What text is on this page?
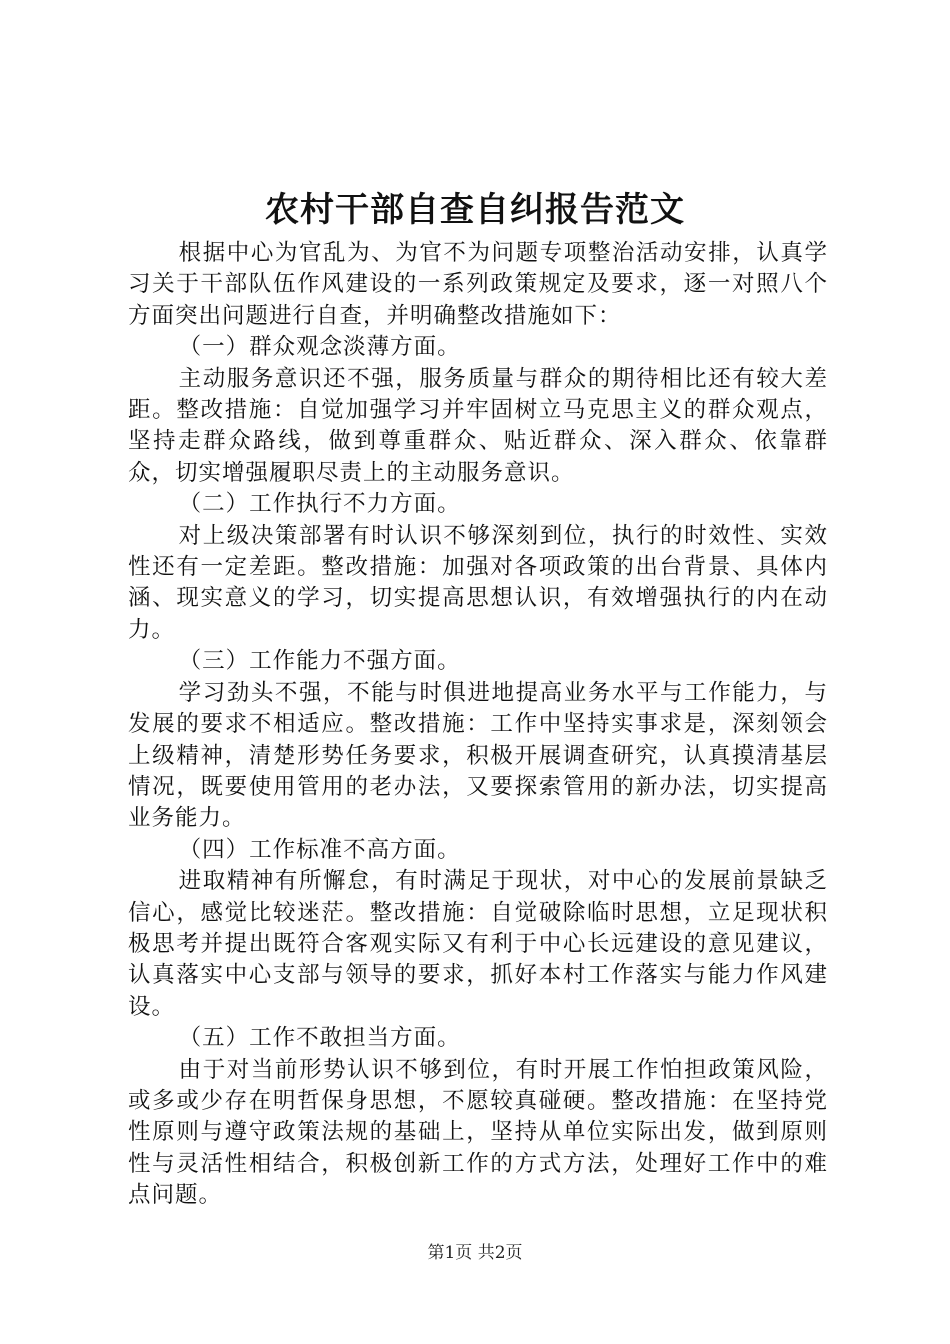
农村干部自查自纠报告范文

根据中心为官乱为、为官不为问题专项整治活动安排，认真学习关于干部队伍作风建设的一系列政策规定及要求，逐一对照八个方面突出问题进行自查，并明确整改措施如下：

（一）群众观念淡薄方面。

主动服务意识还不强，服务质量与群众的期待相比还有较大差距。整改措施：自觉加强学习并牢固树立马克思主义的群众观点，坚持走群众路线，做到尊重群众、贴近群众、深入群众、依靠群众，切实增强履职尽责上的主动服务意识。

（二）工作执行不力方面。

对上级决策部署有时认识不够深刻到位，执行的时效性、实效性还有一定差距。整改措施：加强对各项政策的出台背景、具体内涵、现实意义的学习，切实提高思想认识，有效增强执行的内在动力。

（三）工作能力不强方面。

学习劲头不强，不能与时俱进地提高业务水平与工作能力，与发展的要求不相适应。整改措施：工作中坚持实事求是，深刻领会上级精神，清楚形势任务要求，积极开展调查研究，认真摸清基层情况，既要使用管用的老办法，又要探索管用的新办法，切实提高业务能力。

（四）工作标准不高方面。

进取精神有所懈怠，有时满足于现状，对中心的发展前景缺乏信心，感觉比较迷茫。整改措施：自觉破除临时思想，立足现状积极思考并提出既符合客观实际又有利于中心长远建设的意见建议，认真落实中心支部与领导的要求，抓好本村工作落实与能力作风建设。

（五）工作不敢担当方面。

由于对当前形势认识不够到位，有时开展工作怕担政策风险，或多或少存在明哲保身思想，不愿较真碰硬。整改措施：在坚持党性原则与遵守政策法规的基础上，坚持从单位实际出发，做到原则性与灵活性相结合，积极创新工作的方式方法，处理好工作中的难点问题。

第1页 共2页
